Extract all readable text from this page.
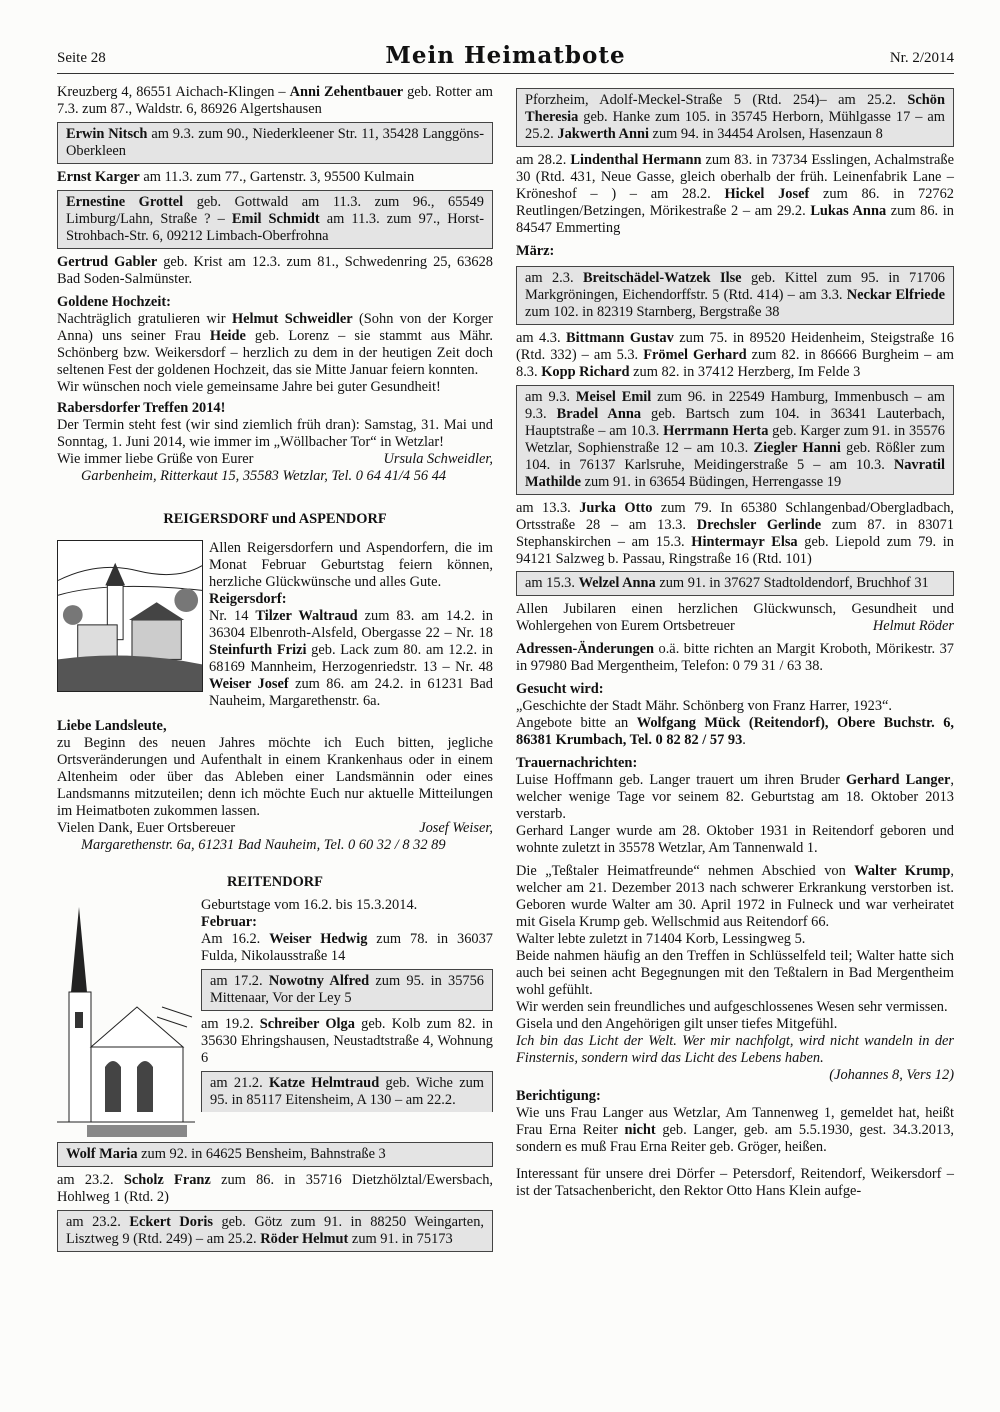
Seite 28	Mein Heimatbote	Nr. 2/2014

Kreuzberg 4, 86551 Aichach-Klingen – Anni Zehentbauer geb. Rotter am 7.3. zum 87., Waldstr. 6, 86926 Algertshausen

Erwin Nitsch am 9.3. zum 90., Niederkleener Str. 11, 35428 Langgöns-Oberkleen

Ernst Karger am 11.3. zum 77., Gartenstr. 3, 95500 Kulmain

Ernestine Grottel geb. Gottwald am 11.3. zum 96., 65549 Limburg/Lahn, Straße ? – Emil Schmidt am 11.3. zum 97., Horst-Strohbach-Str. 6, 09212 Limbach-Oberfrohna

Gertrud Gabler geb. Krist am 12.3. zum 81., Schwedenring 25, 63628 Bad Soden-Salmünster.

Goldene Hochzeit:

Nachträglich gratulieren wir Helmut Schweidler (Sohn von der Korger Anna) uns seiner Frau Heide geb. Lorenz – sie stammt aus Mähr. Schönberg bzw. Weikersdorf – herzlich zu dem in der heutigen Zeit doch seltenen Fest der goldenen Hochzeit, das sie Mitte Januar feiern konnten.

Wir wünschen noch viele gemeinsame Jahre bei guter Gesundheit!

Rabersdorfer Treffen 2014!

Der Termin steht fest (wir sind ziemlich früh dran): Samstag, 31. Mai und Sonntag, 1. Juni 2014, wie immer im „Wöllbacher Tor“ in Wetzlar!

Wie immer liebe Grüße von Eurer	Ursula Schweidler,

Garbenheim, Ritterkaut 15, 35583 Wetzlar, Tel. 0 64 41/4 56 44

REIGERSDORF und ASPENDORF

Allen Reigersdorfern und Aspendorfern, die im Monat Februar Geburtstag feiern können, herzliche Glückwünsche und alles Gute.

Reigersdorf:

Nr. 14 Tilzer Waltraud zum 83. am 14.2. in 36304 Elbenroth-Alsfeld, Obergasse 22 – Nr. 18 Steinfurth Frizi geb. Lack zum 80. am 12.2. in 68169 Mannheim, Herzogenriedstr. 13 – Nr. 48 Weiser Josef zum 86. am 24.2. in 61231 Bad Nauheim, Margarethenstr. 6a.

Liebe Landsleute,

zu Beginn des neuen Jahres möchte ich Euch bitten, jegliche Ortsveränderungen und Aufenthalt in einem Krankenhaus oder in einem Altenheim oder über das Ableben einer Landsmännin oder eines Landsmanns mitzuteilen; denn ich möchte Euch nur aktuelle Mitteilungen im Heimatboten zukommen lassen.

Vielen Dank, Euer Ortsbereuer	Josef Weiser,

Margarethenstr. 6a, 61231 Bad Nauheim, Tel. 0 60 32 / 8 32 89

REITENDORF

Geburtstage vom 16.2. bis 15.3.2014.

Februar:

Am 16.2. Weiser Hedwig zum 78. in 36037 Fulda, Nikolausstraße 14

am 17.2. Nowotny Alfred zum 95. in 35756 Mittenaar, Vor der Ley 5

am 19.2. Schreiber Olga geb. Kolb zum 82. in 35630 Ehringshausen, Neustadtstraße 4, Wohnung 6

am 21.2. Katze Helmtraud geb. Wiche zum 95. in 85117 Eitensheim, A 130 – am 22.2.

Wolf Maria zum 92. in 64625 Bensheim, Bahnstraße 3

am 23.2. Scholz Franz zum 86. in 35716 Dietzhölztal/Ewersbach, Hohlweg 1 (Rtd. 2)

am 23.2. Eckert Doris geb. Götz zum 91. in 88250 Weingarten, Lisztweg 9 (Rtd. 249) – am 25.2. Röder Helmut zum 91. in 75173

Pforzheim, Adolf-Meckel-Straße 5 (Rtd. 254)– am 25.2. Schön Theresia geb. Hanke zum 105. in 35745 Herborn, Mühlgasse 17 – am 25.2. Jakwerth Anni zum 94. in 34454 Arolsen, Hasenzaun 8

am 28.2. Lindenthal Hermann zum 83. in 73734 Esslingen, Achalmstraße 30 (Rtd. 431, Neue Gasse, gleich oberhalb der früh. Leinenfabrik Lane – Kröneshof – ) – am 28.2. Hickel Josef zum 86. in 72762 Reutlingen/Betzingen, Mörikestraße 2 – am 29.2. Lukas Anna zum 86. in 84547 Emmerting

März:

am 2.3. Breitschädel-Watzek Ilse geb. Kittel zum 95. in 71706 Markgröningen, Eichendorffstr. 5 (Rtd. 414) – am 3.3. Neckar Elfriede zum 102. in 82319 Starnberg, Bergstraße 38

am 4.3. Bittmann Gustav zum 75. in 89520 Heidenheim, Steigstraße 16 (Rtd. 332) – am 5.3. Frömel Gerhard zum 82. in 86666 Burgheim – am 8.3. Kopp Richard zum 82. in 37412 Herzberg, Im Felde 3

am 9.3. Meisel Emil zum 96. in 22549 Hamburg, Immenbusch – am 9.3. Bradel Anna geb. Bartsch zum 104. in 36341 Lauterbach, Hauptstraße – am 10.3. Herrmann Herta geb. Karger zum 91. in 35576 Wetzlar, Sophienstraße 12 – am 10.3. Ziegler Hanni geb. Rößler zum 104. in 76137 Karlsruhe, Meidingerstraße 5 – am 10.3. Navratil Mathilde zum 91. in 63654 Büdingen, Herrengasse 19

am 13.3. Jurka Otto zum 79. In 65380 Schlangenbad/Obergladbach, Ortsstraße 28 – am 13.3. Drechsler Gerlinde zum 87. in 83071 Stephanskirchen – am 15.3. Hintermayr Elsa geb. Liepold zum 79. in 94121 Salzweg b. Passau, Ringstraße 16 (Rtd. 101)

am 15.3. Welzel Anna zum 91. in 37627 Stadtoldendorf, Bruchhof 31

Allen Jubilaren einen herzlichen Glückwunsch, Gesundheit und Wohlergehen von Eurem Ortsbetreuer	Helmut Röder

Adressen-Änderungen o.ä. bitte richten an Margit Kroboth, Mörikestr. 37 in 97980 Bad Mergentheim, Telefon: 0 79 31 / 63 38.

Gesucht wird:

„Geschichte der Stadt Mähr. Schönberg von Franz Harrer, 1923“.

Angebote bitte an Wolfgang Mück (Reitendorf), Obere Buchstr. 6, 86381 Krumbach, Tel. 0 82 82 / 57 93.

Trauernachrichten:

Luise Hoffmann geb. Langer trauert um ihren Bruder Gerhard Langer, welcher wenige Tage vor seinem 82. Geburtstag am 18. Oktober 2013 verstarb.

Gerhard Langer wurde am 28. Oktober 1931 in Reitendorf geboren und wohnte zuletzt in 35578 Wetzlar, Am Tannenwald 1.

Die „Teßtaler Heimatfreunde“ nehmen Abschied von Walter Krump, welcher am 21. Dezember 2013 nach schwerer Erkrankung verstorben ist. Geboren wurde Walter am 30. April 1972 in Fulneck und war verheiratet mit Gisela Krump geb. Wellschmid aus Reitendorf 66.

Walter lebte zuletzt in 71404 Korb, Lessingweg 5.

Beide nahmen häufig an den Treffen in Schlüsselfeld teil; Walter hatte sich auch bei seinen acht Begegnungen mit den Teßtalern in Bad Mergentheim wohl gefühlt.

Wir werden sein freundliches und aufgeschlossenes Wesen sehr vermissen.

Gisela und den Angehörigen gilt unser tiefes Mitgefühl.

Ich bin das Licht der Welt. Wer mir nachfolgt, wird nicht wandeln in der Finsternis, sondern wird das Licht des Lebens haben.

(Johannes 8, Vers 12)

Berichtigung:

Wie uns Frau Langer aus Wetzlar, Am Tannenweg 1, gemeldet hat, heißt Frau Erna Reiter nicht geb. Langer, geb. am 5.5.1930, gest. 34.3.2013, sondern es muß Frau Erna Reiter geb. Gröger, heißen.

Interessant für unsere drei Dörfer – Petersdorf, Reitendorf, Weikersdorf – ist der Tatsachenbericht, den Rektor Otto Hans Klein aufge-
